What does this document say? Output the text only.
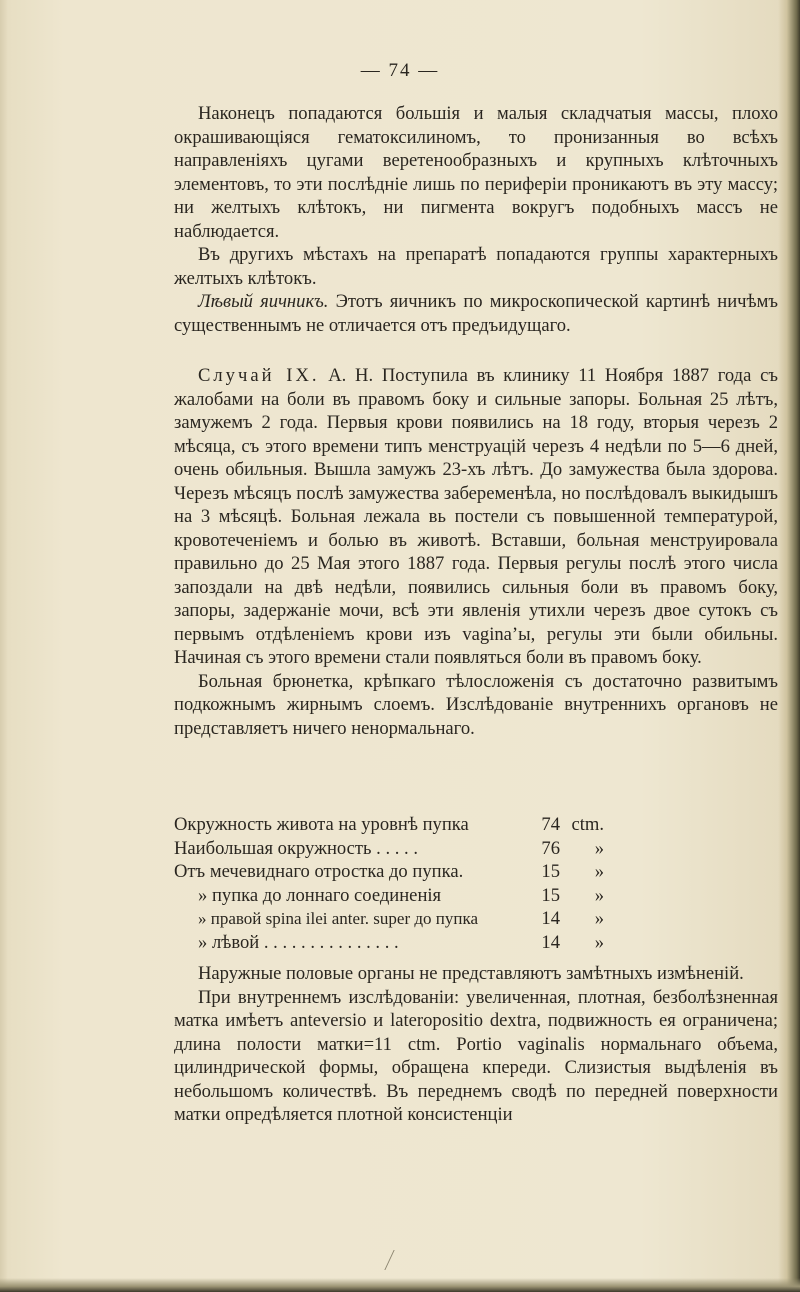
— 74 —

Наконецъ попадаются большія и малыя складчатыя массы, плохо окрашивающіяся гематоксилиномъ, то пронизанныя во всѣхъ направленіяхъ цугами веретенообразныхъ и крупныхъ клѣточныхъ элементовъ, то эти послѣдніе лишь по периферіи проникаютъ въ эту массу; ни желтыхъ клѣтокъ, ни пигмента вокругъ подобныхъ массъ не наблюдается.

Въ другихъ мѣстахъ на препаратѣ попадаются группы характерныхъ желтыхъ клѣтокъ.

Лѣвый яичникъ. Этотъ яичникъ по микроскопической картинѣ ничѣмъ существеннымъ не отличается отъ предъидущаго.

Случай IX. А. Н. Поступила въ клинику 11 Ноября 1887 года съ жалобами на боли въ правомъ боку и сильные запоры. Больная 25 лѣтъ, замужемъ 2 года. Первыя крови появились на 18 году, вторыя черезъ 2 мѣсяца, съ этого времени типъ менструацій черезъ 4 недѣли по 5—6 дней, очень обильныя. Вышла замужъ 23-хъ лѣтъ. До замужества была здорова. Черезъ мѣсяцъ послѣ замужества забеременѣла, но послѣдовалъ выкидышъ на 3 мѣсяцѣ. Больная лежала вь постели съ повышенной температурой, кровотеченіемъ и болью въ животѣ. Вставши, больная менструировала правильно до 25 Мая этого 1887 года. Первыя регулы послѣ этого числа запоздали на двѣ недѣли, появились сильныя боли въ правомъ боку, запоры, задержаніе мочи, всѣ эти явленія утихли черезъ двое сутокъ съ первымъ отдѣленіемъ крови изъ vaginaʼы, регулы эти были обильны. Начиная съ этого времени стали появляться боли въ правомъ боку.

Больная брюнетка, крѣпкаго тѣлосложенія съ достаточно развитымъ подкожнымъ жирнымъ слоемъ. Изслѣдованіе внутреннихъ органовъ не представляетъ ничего ненормальнаго.

Окружность живота на уровнѣ пупка	74 ctm.
Наибольшая окружность . . . . .	76	»
Отъ мечевиднаго отростка до пупка.	15	»
» пупка до лоннаго соединенія	15	»
» правой spina ilei anter. super до пупка	14	»
» лѣвой . . . . . . . . . . . . . . .	14	»

Наружные половые органы не представляютъ замѣтныхъ измѣненій.

При внутреннемъ изслѣдованіи: увеличенная, плотная, безболѣзненная матка имѣетъ anteversio и lateropositio dextra, подвижность ея ограничена; длина полости матки=11 ctm. Portio vaginalis нормальнаго объема, цилиндрической формы, обращена кпереди. Слизистыя выдѣленія въ небольшомъ количествѣ. Въ переднемъ сводѣ по передней поверхности матки опредѣляется плотной консистенціи
